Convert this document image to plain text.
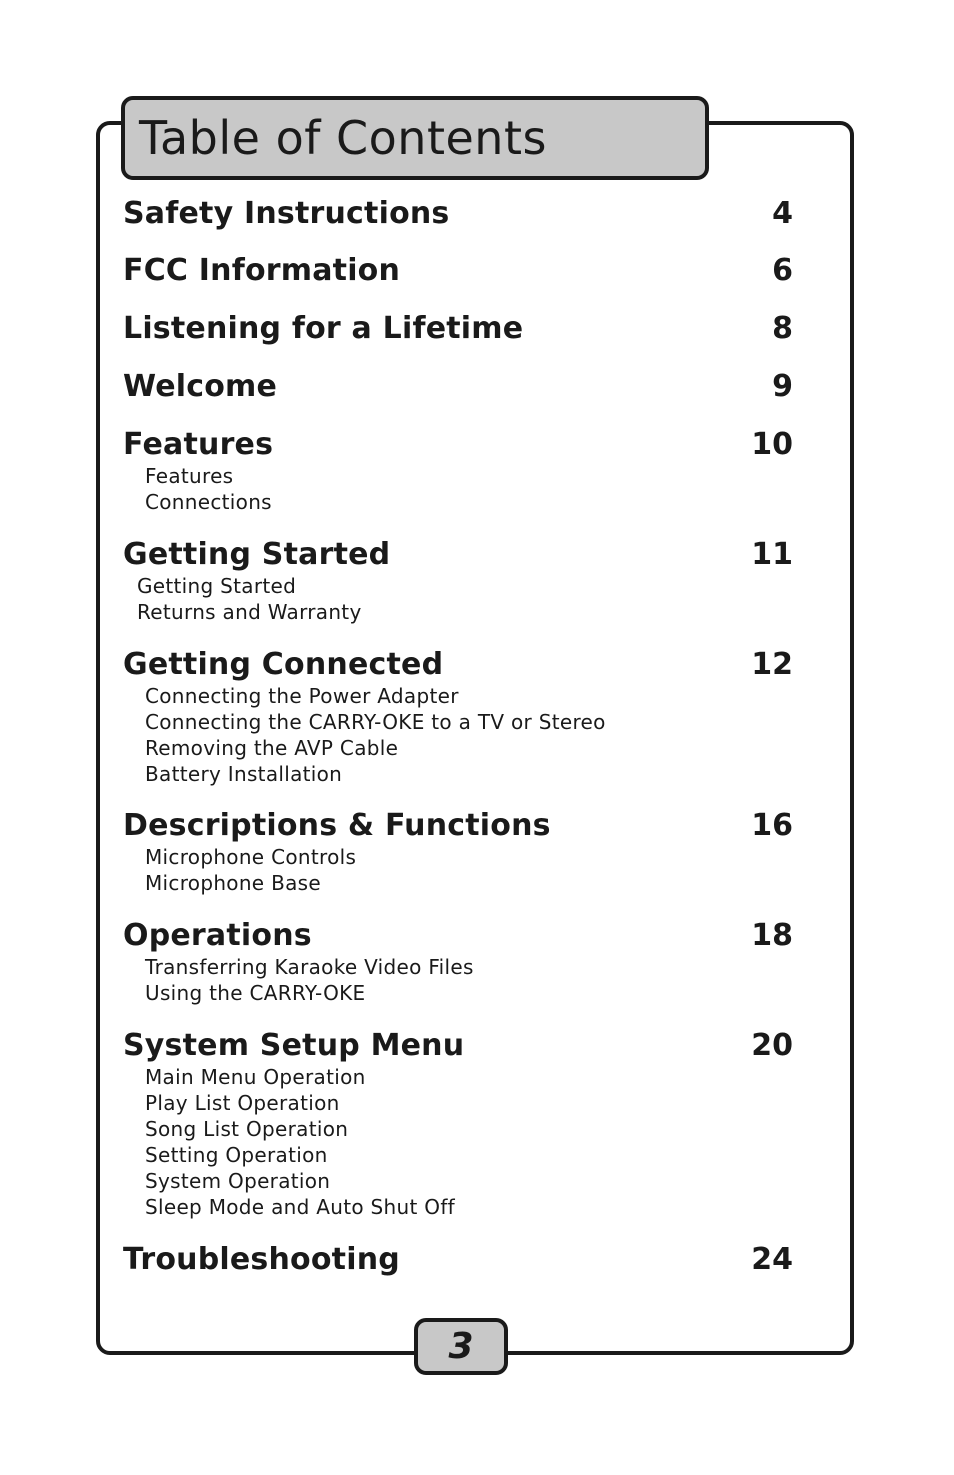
Table of Contents
Safety Instructions	4
FCC Information	6
Listening for a Lifetime	8
Welcome	9
Features	10
Features
Connections
Getting Started	11
Getting Started
Returns and Warranty
Getting Connected	12
Connecting the Power Adapter
Connecting the CARRY-OKE to a TV or Stereo
Removing the AVP Cable
Battery Installation
Descriptions & Functions	16
Microphone Controls
Microphone Base
Operations	18
Transferring Karaoke Video Files
Using the CARRY-OKE
System Setup Menu	20
Main Menu Operation
Play List Operation
Song List Operation
Setting Operation
System Operation
Sleep Mode and Auto Shut Off
Troubleshooting	24
3
